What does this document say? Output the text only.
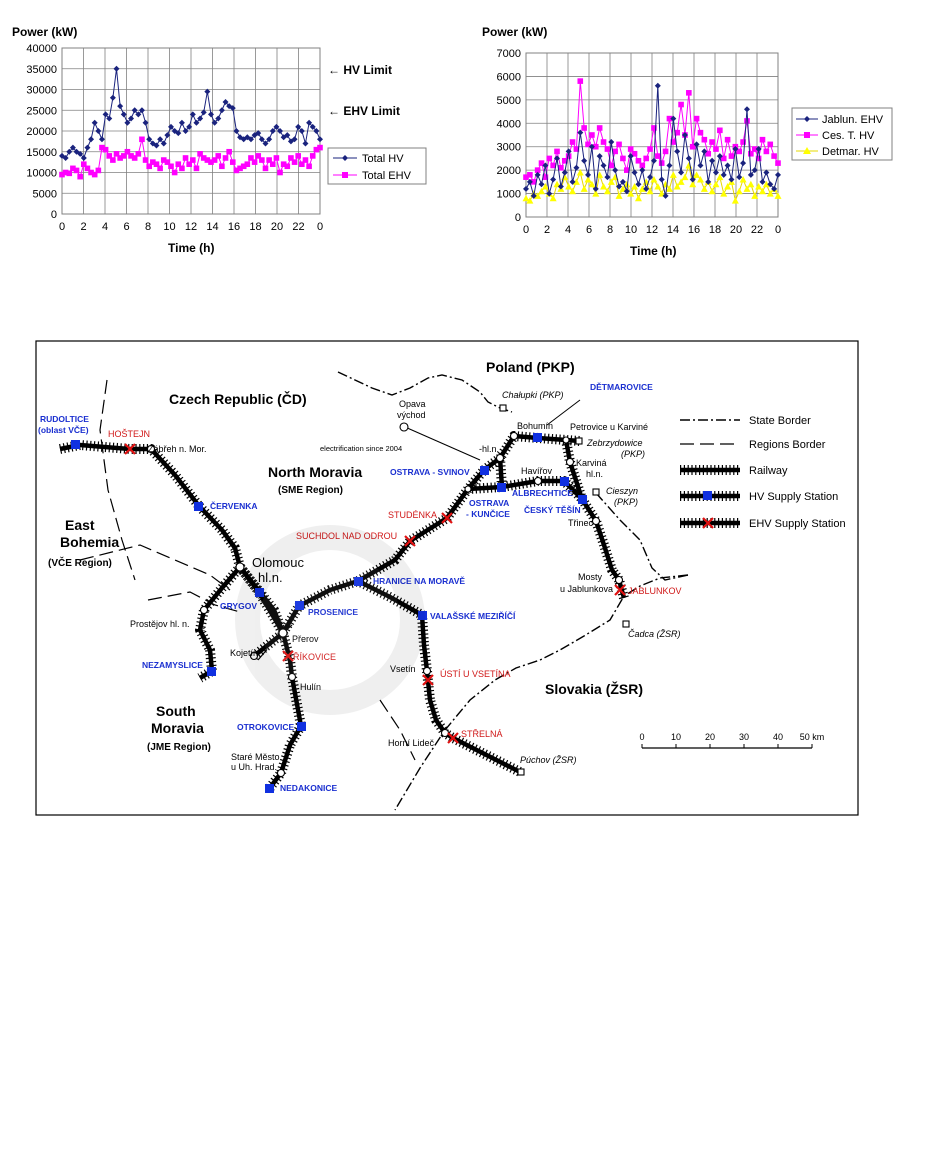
Power (kW)
0
5000
10000
15000
20000
25000
30000
35000
40000
0 2 4 6 8 10 12 14 16 18 20 22 0
Time (h)
← HV Limit
← EHV Limit
Total HV
Total EHV
Power (kW)
0
1000
2000
3000
4000
5000
6000
7000
0 2 4 6 8 10 12 14 16 18 20 22 0
Time (h)
Jablun. EHV
Ces. T. HV
Detmar. HV
Poland (PKP)
Czech Republic (ČD)
Slovakia (ŽSR)
North Moravia
East
Bohemia
South
Moravia
(SME Region)
(VČE Region)
(JME Region)
RUDOLTICE
(oblast VČE)
ČERVENKA
GRYGOV
PROSENICE
NEZAMYSLICE
OTROKOVICE
NEDAKONICE
HRANICE NA MORAVĚ
VALAŠSKÉ MEZIŘÍČÍ
OSTRAVA - SVINOV
OSTRAVA
- KUNČICE
ALBRECHTICE
ČESKÝ TĚŠÍN
DĚTMAROVICE
HOŠTEJN
STUDÉNKA
SUCHDOL NAD ODROU
ŘÍKOVICE
ÚSTÍ U VSETÍNA
STŘELNÁ
JABLUNKOV
Zábřeh n. Mor.
Olomouc
hl.n.
Prostějov hl. n.
Kojetín
Přerov
Hulín
Staré Město
u Uh. Hrad.
Opava
východ
electrification since 2004	-hl.n.
Bohumín
Chałupki (PKP)
Petrovice u Karviné
Zebrzydowice
(PKP)
Karviná
hl.n.
Havířov
Cieszyn
(PKP)
Třinec
Mosty
u Jablunkova
Čadca (ŽSR)
Vsetín
Horní Lideč
Púchov (ŽSR)
State Border
Regions Border
Railway
HV Supply Station
EHV Supply Station
0	10	20	30	40 50 km
